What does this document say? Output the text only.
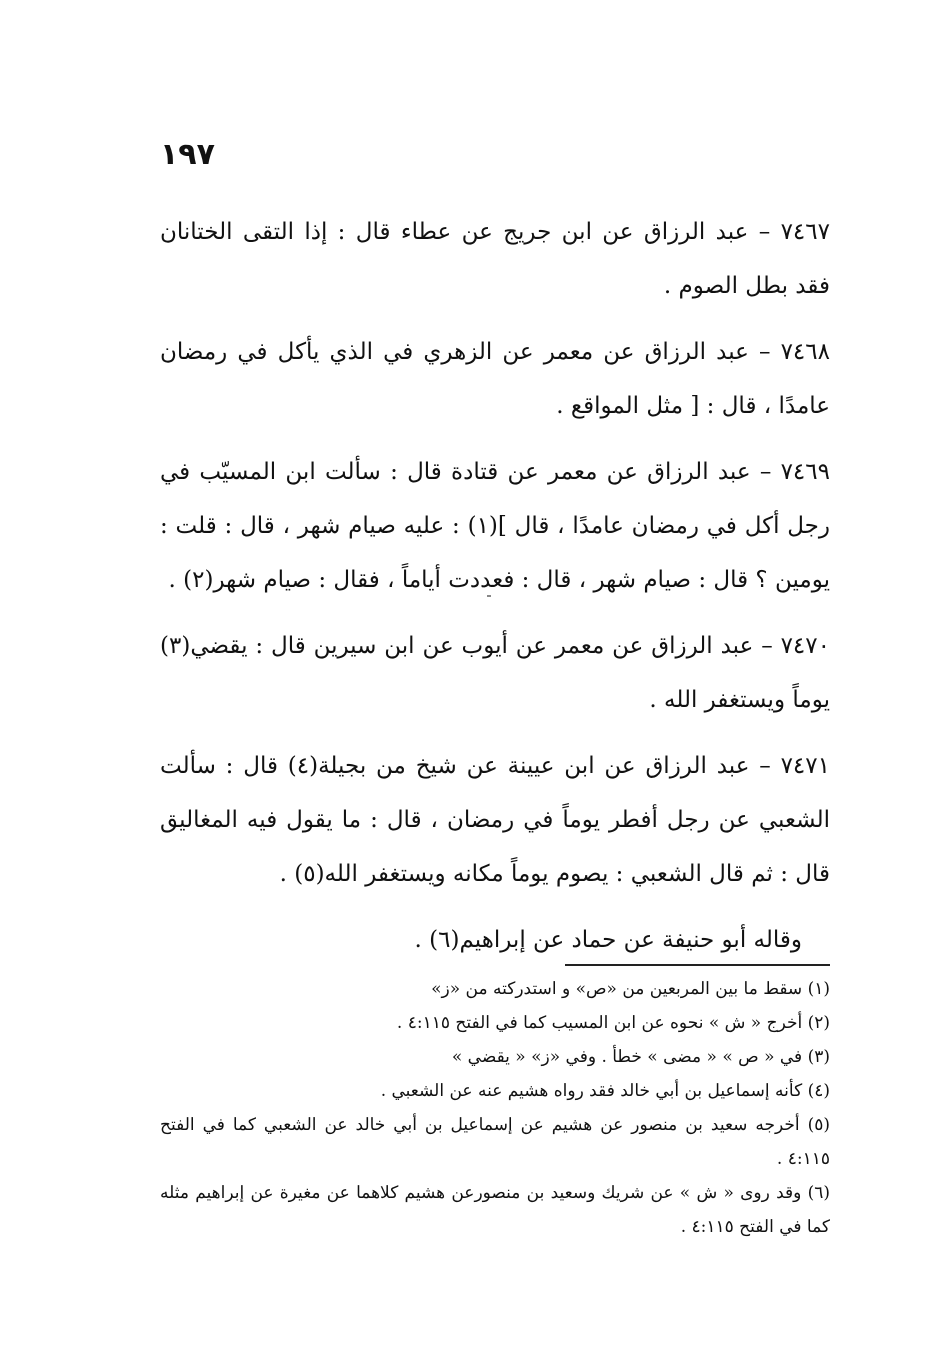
١٩٧

٧٤٦٧ – عبد الرزاق عن ابن جريج عن عطاء قال : إذا التقى الختانان فقد بطل الصوم .

٧٤٦٨ – عبد الرزاق عن معمر عن الزهري في الذي يأكل في رمضان عامدًا ، قال : [ مثل المواقع .

٧٤٦٩ – عبد الرزاق عن معمر عن قتادة قال : سألت ابن المسيّب في رجل أكل في رمضان عامدًا ، قال ](١) : عليه صيام شهر ، قال : قلت : يومين ؟ قال : صيام شهر ، قال : فعددت أياماً ، فقال : صيام شهر(٢) .

٧٤٧٠ – عبد الرزاق عن معمر عن أيوب عن ابن سيرين قال : يقضي(٣) يوماً ويستغفر الله .

٧٤٧١ – عبد الرزاق عن ابن عيينة عن شيخ من بجيلة(٤) قال : سألت الشعبي عن رجل أفطر يوماً في رمضان ، قال : ما يقول فيه المغاليق قال : ثم قال الشعبي : يصوم يوماً مكانه ويستغفر الله(٥) .

وقاله أبو حنيفة عن حماد عن إبراهيم(٦) .

(١) سقط ما بين المربعين من «ص» و استدركته من «ز»

(٢) أخرج « ش » نحوه عن ابن المسيب كما في الفتح ٤:١١٥ .

(٣) في « ص » « مضى » خطأ . وفي «ز» « يقضي »

(٤) كأنه إسماعيل بن أبي خالد فقد رواه هشيم عنه عن الشعبي .

(٥) أخرجه سعيد بن منصور عن هشيم عن إسماعيل بن أبي خالد عن الشعبي كما في الفتح ٤:١١٥ .

(٦) وقد روى « ش » عن شريك وسعيد بن منصورعن هشيم كلاهما عن مغيرة عن إبراهيم مثله كما في الفتح ٤:١١٥ .
